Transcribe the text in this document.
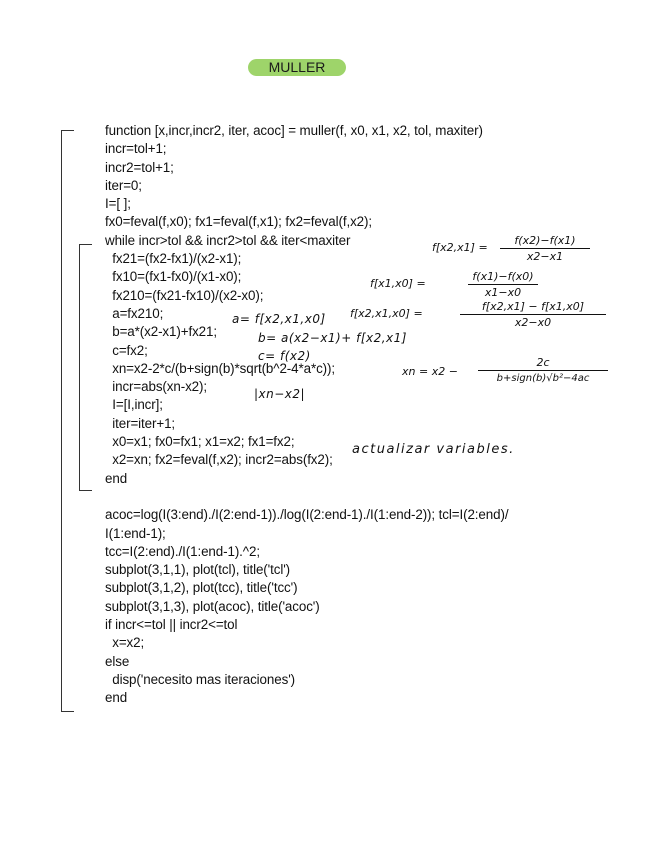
MULLER
function [x,incr,incr2, iter, acoc] = muller(f, x0, x1, x2, tol, maxiter)
incr=tol+1;
incr2=tol+1;
iter=0;
I=[ ];
fx0=feval(f,x0); fx1=feval(f,x1); fx2=feval(f,x2);
while incr>tol && incr2>tol && iter<maxiter
fx21=(fx2-fx1)/(x2-x1);
fx10=(fx1-fx0)/(x1-x0);
fx210=(fx21-fx10)/(x2-x0);
a=fx210;
b=a*(x2-x1)+fx21;
c=fx2;
xn=x2-2*c/(b+sign(b)*sqrt(b^2-4*a*c));
incr=abs(xn-x2);
I=[I,incr];
iter=iter+1;
x0=x1; fx0=fx1; x1=x2; fx1=fx2;
x2=xn; fx2=feval(f,x2); incr2=abs(fx2);
end
acoc=log(I(3:end)./I(2:end-1))./log(I(2:end-1)./I(1:end-2)); tcl=I(2:end)/
I(1:end-1);
tcc=I(2:end)./I(1:end-1).^2;
subplot(3,1,1), plot(tcl), title('tcl')
subplot(3,1,2), plot(tcc), title('tcc')
subplot(3,1,3), plot(acoc), title('acoc')
if incr<=tol || incr2<=tol
x=x2;
else
disp('necesito mas iteraciones')
end
f[x2,x1] =
f(x2)−f(x1)
x2−x1
f[x1,x0] =
f(x1)−f(x0)
x1−x0
f[x2,x1,x0] =
f[x2,x1] − f[x1,x0]
x2−x0
a= f[x2,x1,x0]
b= a(x2−x1)+ f[x2,x1]
c= f(x2)
xn = x2 −
2c
b+sign(b)√b²−4ac
|xn−x2|
actualizar variables.
